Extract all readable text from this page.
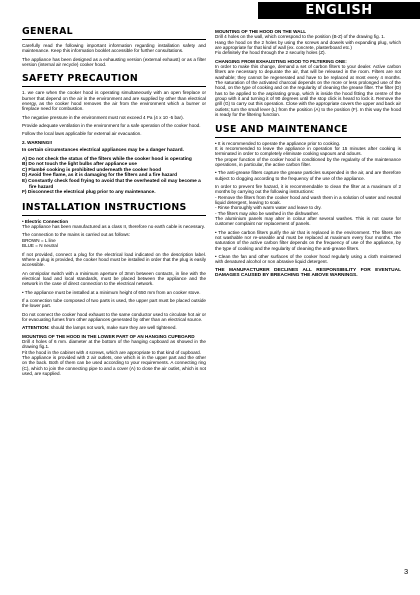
ENGLISH
GENERAL

Carefully read the following important information regarding installation safety and maintenance. Keep this information booklet accessible for further consultations.

The appliance has been designed as a exhausting version (external exhaust) or as a filter version (internal air recycle) cooker hood.

SAFETY PRECAUTION

1. we care when the cooker hood is operating simultaneously with an open fireplace or burner that depend on the air in the environment and are supplied by other than electrical energy, as the cooker hood removes the air from the environment which a burner or fireplace need for combustion.

The negative pressure in the environment must not exceed 4 Pa (4 x 10 -5 bar).

Provide adequate ventilation in the environment for a safe operation of the cooker hood.

Follow the local laws applicable for external air evacuation.

2. WARNING!!

In certain circumstances electrical appliances may be a danger hazard.

A) Do not check the status of the filters while the cooker hood is operating
B) Do not touch the light bulbs after appliance use
C) Flambé cooking is prohibited underneath the cooker hood
D) Avoid free flame, as it is damaging for the filters and a fire hazard
E) Constantly check food frying to avoid that the overheated oil may become a fire hazard
F) Disconnect the electrical plug prior to any maintenance.
INSTALLATION INSTRUCTIONS

• Electric Connection

The appliance has been manufactured as a class II, therefore no earth cable is necessary.

The connection to the mains is carried out as follows:

BROWN = L line

BLUE = N neutral

If not provided, connect a plug for the electrical load indicated on the description label. Where a plug is provided, the cooker hood must be installed in order that the plug is easily accessible.

An omnipolar switch with a minimum aperture of 3mm between contacts, in line with the electrical load and local standards, must be placed between the appliance and the network in the case of direct connection to the electrical network.

• The appliance must be installed at a minimum height of 650 mm from an cooker stove.

If a connection tube composed of two parts is used, the upper part must be placed outside the lower part.

Do not connect the cooker hood exhaust to the same conductor used to circulate hot air or for evacuating fumes from other appliances generated by other than an electrical source.

ATTENTION: should the lamps not work, make sure they are well tightened.

MOUNTING OF THE HOOD IN THE LOWER PART OF AN HANGING CUPBOARD

Drill 4 holes of 6 mm. diameter at the bottom of the hanging cupboard as showed in the drawing fig.1.

Fit the hood in the cabinet with 4 screws, which are appropriate to that kind of cupboard.

The appliance is provided with 2 air outlets, one which is in the upper part and the other on the back. Both of them can be used according to your requirements. A connecting ring (C), which to join the connecting pipe to and a cover (A) to close the air outlet, which is not used, are supplied.

MOUNTING OF THE HOOD ON THE WALL

Drill 4 holes on the wall, which correspond to the position (B-Z) of the drawing fig. 1.

Hang the hood on the 2 holes by using the screws and dowels with expanding plug, which are appropriate for that kind of wall (ex. concrete, plasterboard etc.)

Fix definitely the hood through the 2 security holes (Z).

CHANGING FROM EXHAUSTING HOOD TO FILTERING ONE:

In order to make this change, demand a set of carbon filters to your dealer. Active carbon filters are necessary to depurate the air, that will be released in the room. Filters are not washable; they cannot be regenerated and have to be replaced at most every 4 months. The saturation of the activated charcoal depends on the more or less prolonged use of the hood, on the type of cooking and on the regularity of cleaning the grease filter. The filter (D) has to be applied to the aspirating group, which is inside the hood fitting the centre of the group with it and turning it of 90 degrees until the stop click is heard to lock it. Remove the grill (G) to carry out this operation. Close with the appropriate covers the upper and back air outlets; turn the small lever (L) from the position (A) to the position (F). In this way the hood is ready for the filtering function.

USE AND MAINTENANCE

• It is recommended to operate the appliance prior to cooking.

It is recommended to leave the appliance in operation for 15 minutes after cooking is terminated in order to completely eliminate cooking vapours and odours.

The proper function of the cooker hood is conditioned by the regularity of the maintenance operations, in particular, the active carbon filter.

• The anti-grease filters capture the grease particles suspended in the air, and are therefore subject to clogging according to the frequency of the use of the appliance.

In order to prevent fire hazard, it is recommendable to clean the filter at a maximum of 2 months by carrying out the following instructions:

- Remove the filters from the cooker hood and wash them in a solution of water and neutral liquid detergent, leaving to soak.

- Rinse thoroughly with warm water and leave to dry.

- The filters may also be washed in the dishwasher.

The aluminium panels may alter in colour after several washes. This is not cause for customer complaint nor replacement of panels.

• The active carbon filters purify the air that is replaced in the environment. The filters are not washable nor re-useable and must be replaced at maximum every four months. The saturation of the active carbon filter depends on the frequency of use of the appliance, by the type of cooking and the regularity of cleaning the anti-grease filters.

• Clean the fan and other surfaces of the cooker hood regularly using a cloth moistened with denatured alcohol or non abrasive liquid detergent.

THE MANUFACTURER DECLINES ALL RESPONSIBILITY FOR EVENTUAL DAMAGES CAUSED BY BREACHING THE ABOVE WARNINGS.

3
